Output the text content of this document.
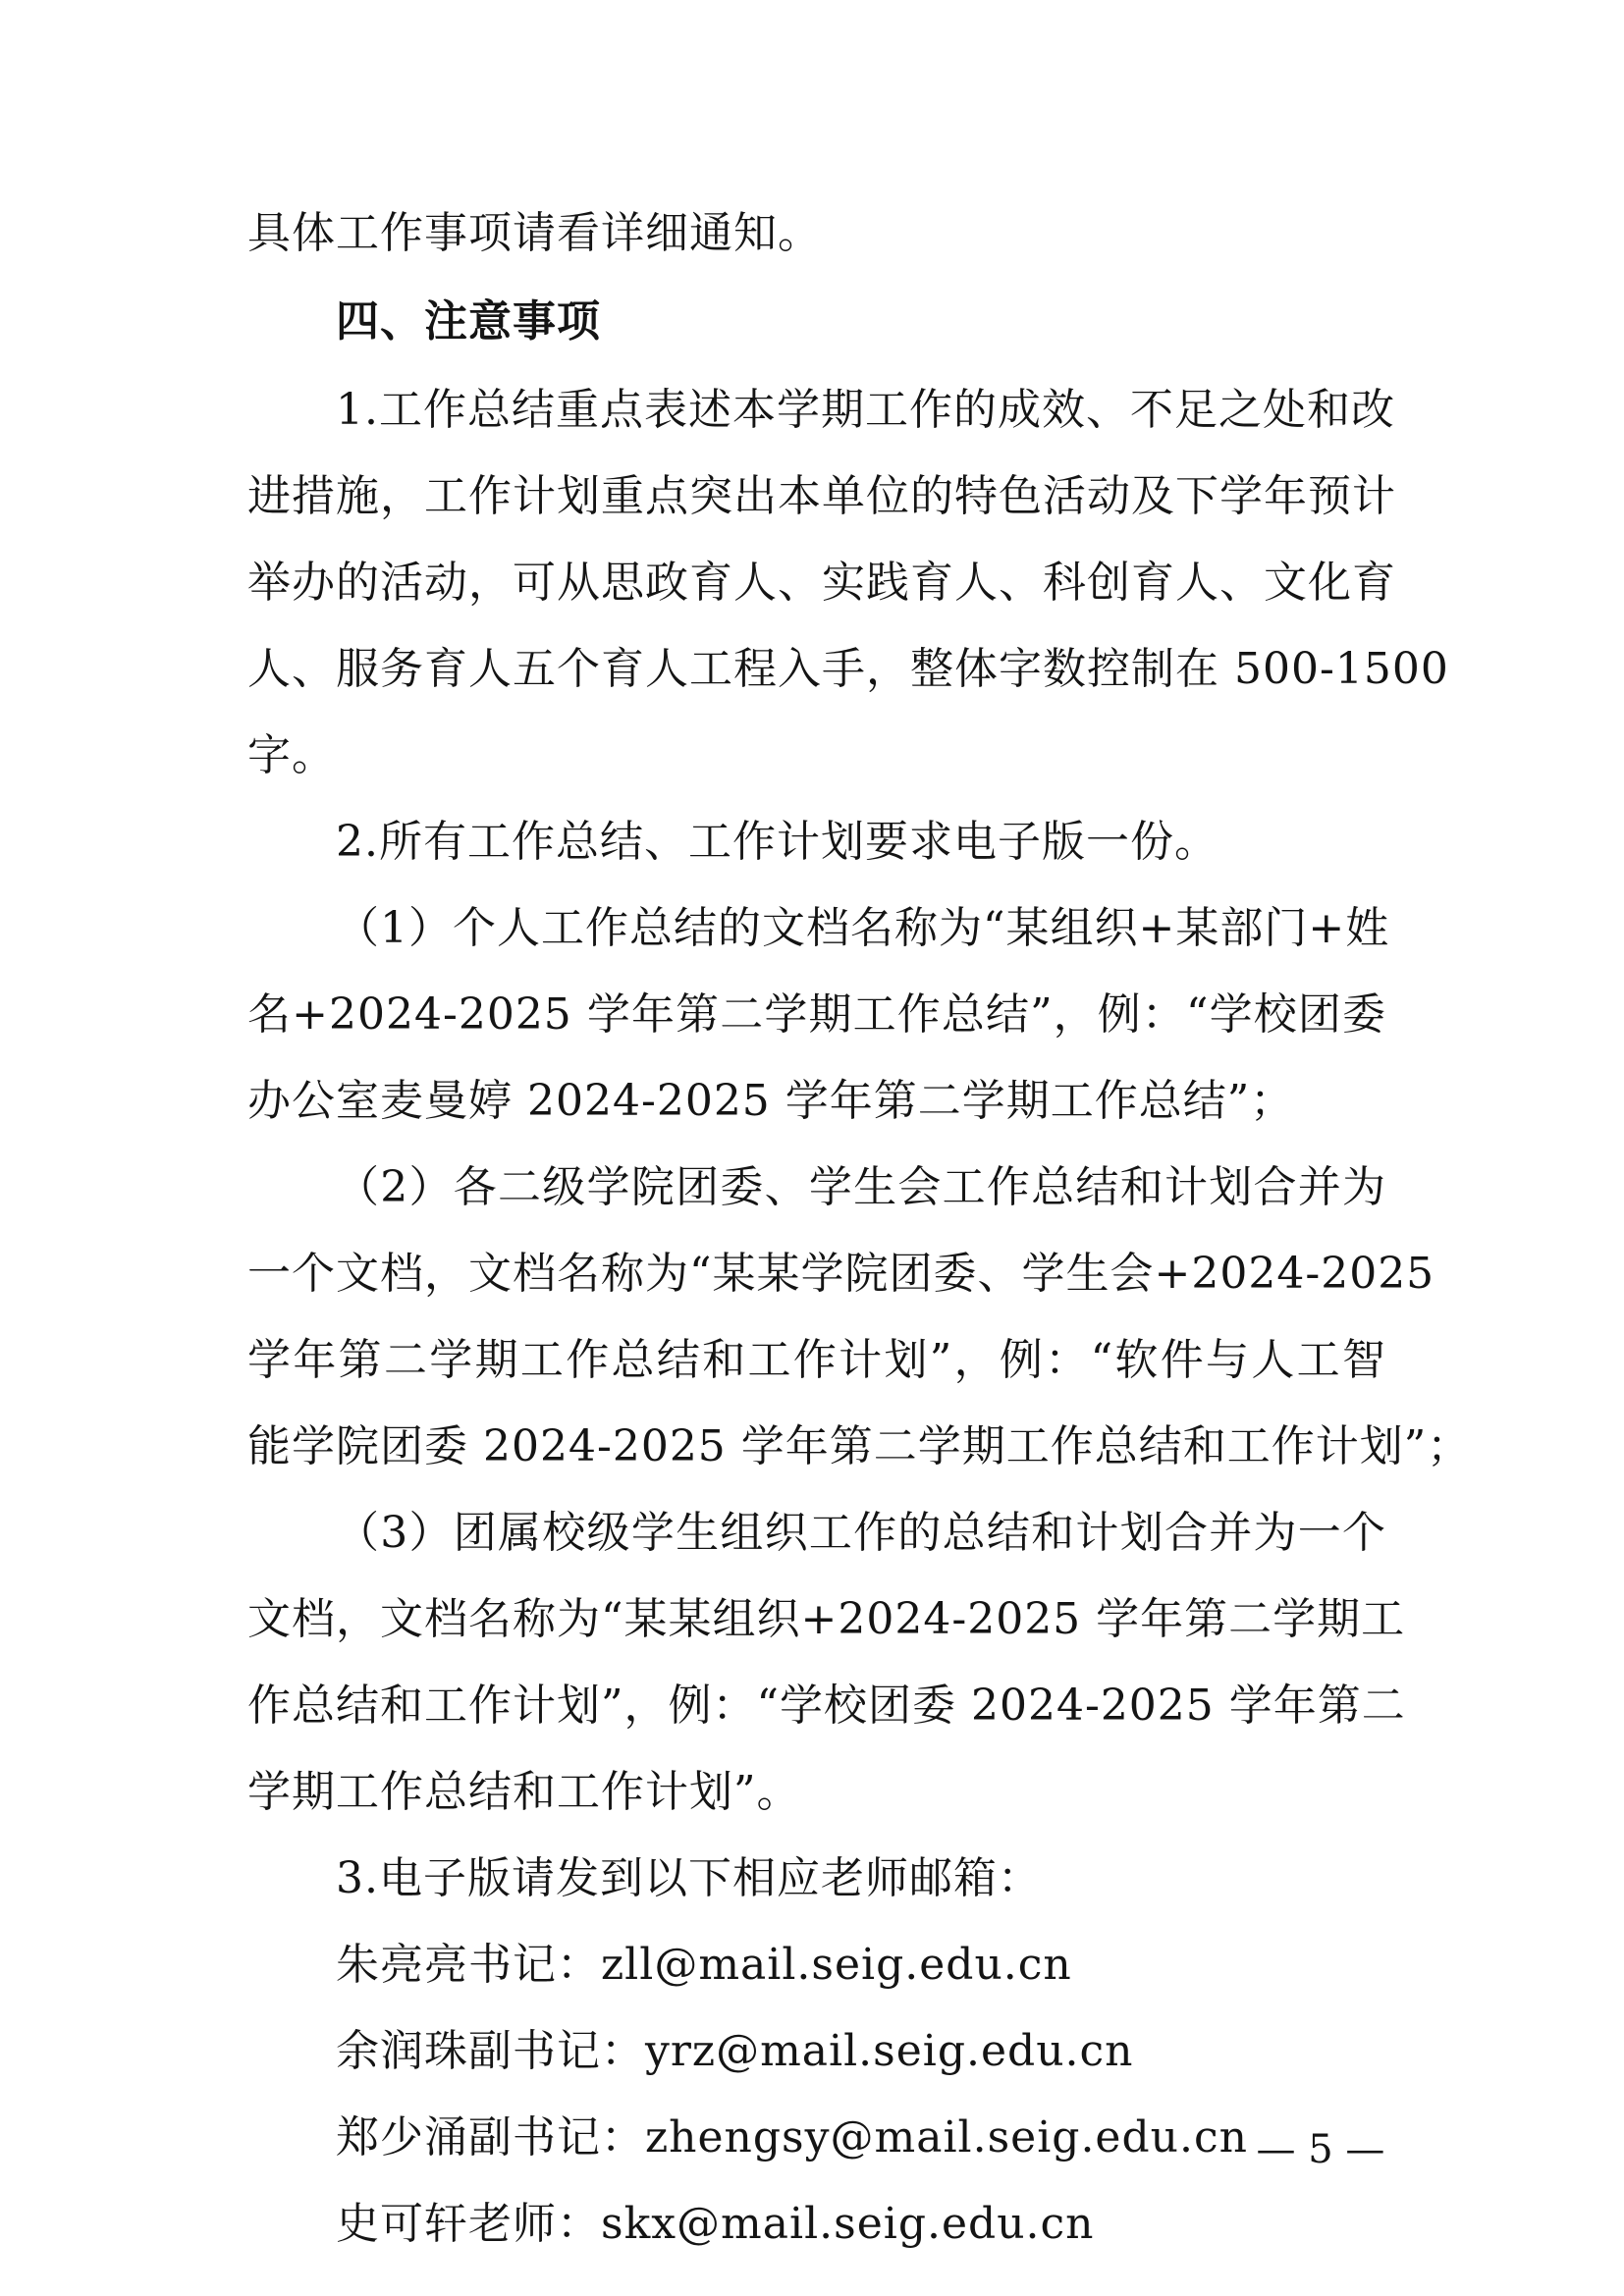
具体工作事项请看详细通知。
四、注意事项
1.工作总结重点表述本学期工作的成效、不足之处和改
进措施，工作计划重点突出本单位的特色活动及下学年预计
举办的活动，可从思政育人、实践育人、科创育人、文化育
人、服务育人五个育人工程入手，整体字数控制在 500-1500
字。
2.所有工作总结、工作计划要求电子版一份。
（1）个人工作总结的文档名称为“某组织+某部门+姓
名+2024-2025 学年第二学期工作总结”，例：“学校团委
办公室麦曼婷 2024-2025 学年第二学期工作总结”；
（2）各二级学院团委、学生会工作总结和计划合并为
一个文档，文档名称为“某某学院团委、学生会+2024-2025
学年第二学期工作总结和工作计划”，例：“软件与人工智
能学院团委 2024-2025 学年第二学期工作总结和工作计划”；
（3）团属校级学生组织工作的总结和计划合并为一个
文档，文档名称为“某某组织+2024-2025 学年第二学期工
作总结和工作计划”，例：“学校团委 2024-2025 学年第二
学期工作总结和工作计划”。
3.电子版请发到以下相应老师邮箱：
朱亮亮书记：zll@mail.seig.edu.cn
余润珠副书记：yrz@mail.seig.edu.cn
郑少涌副书记：zhengsy@mail.seig.edu.cn
史可轩老师：skx@mail.seig.edu.cn
— 5 —
